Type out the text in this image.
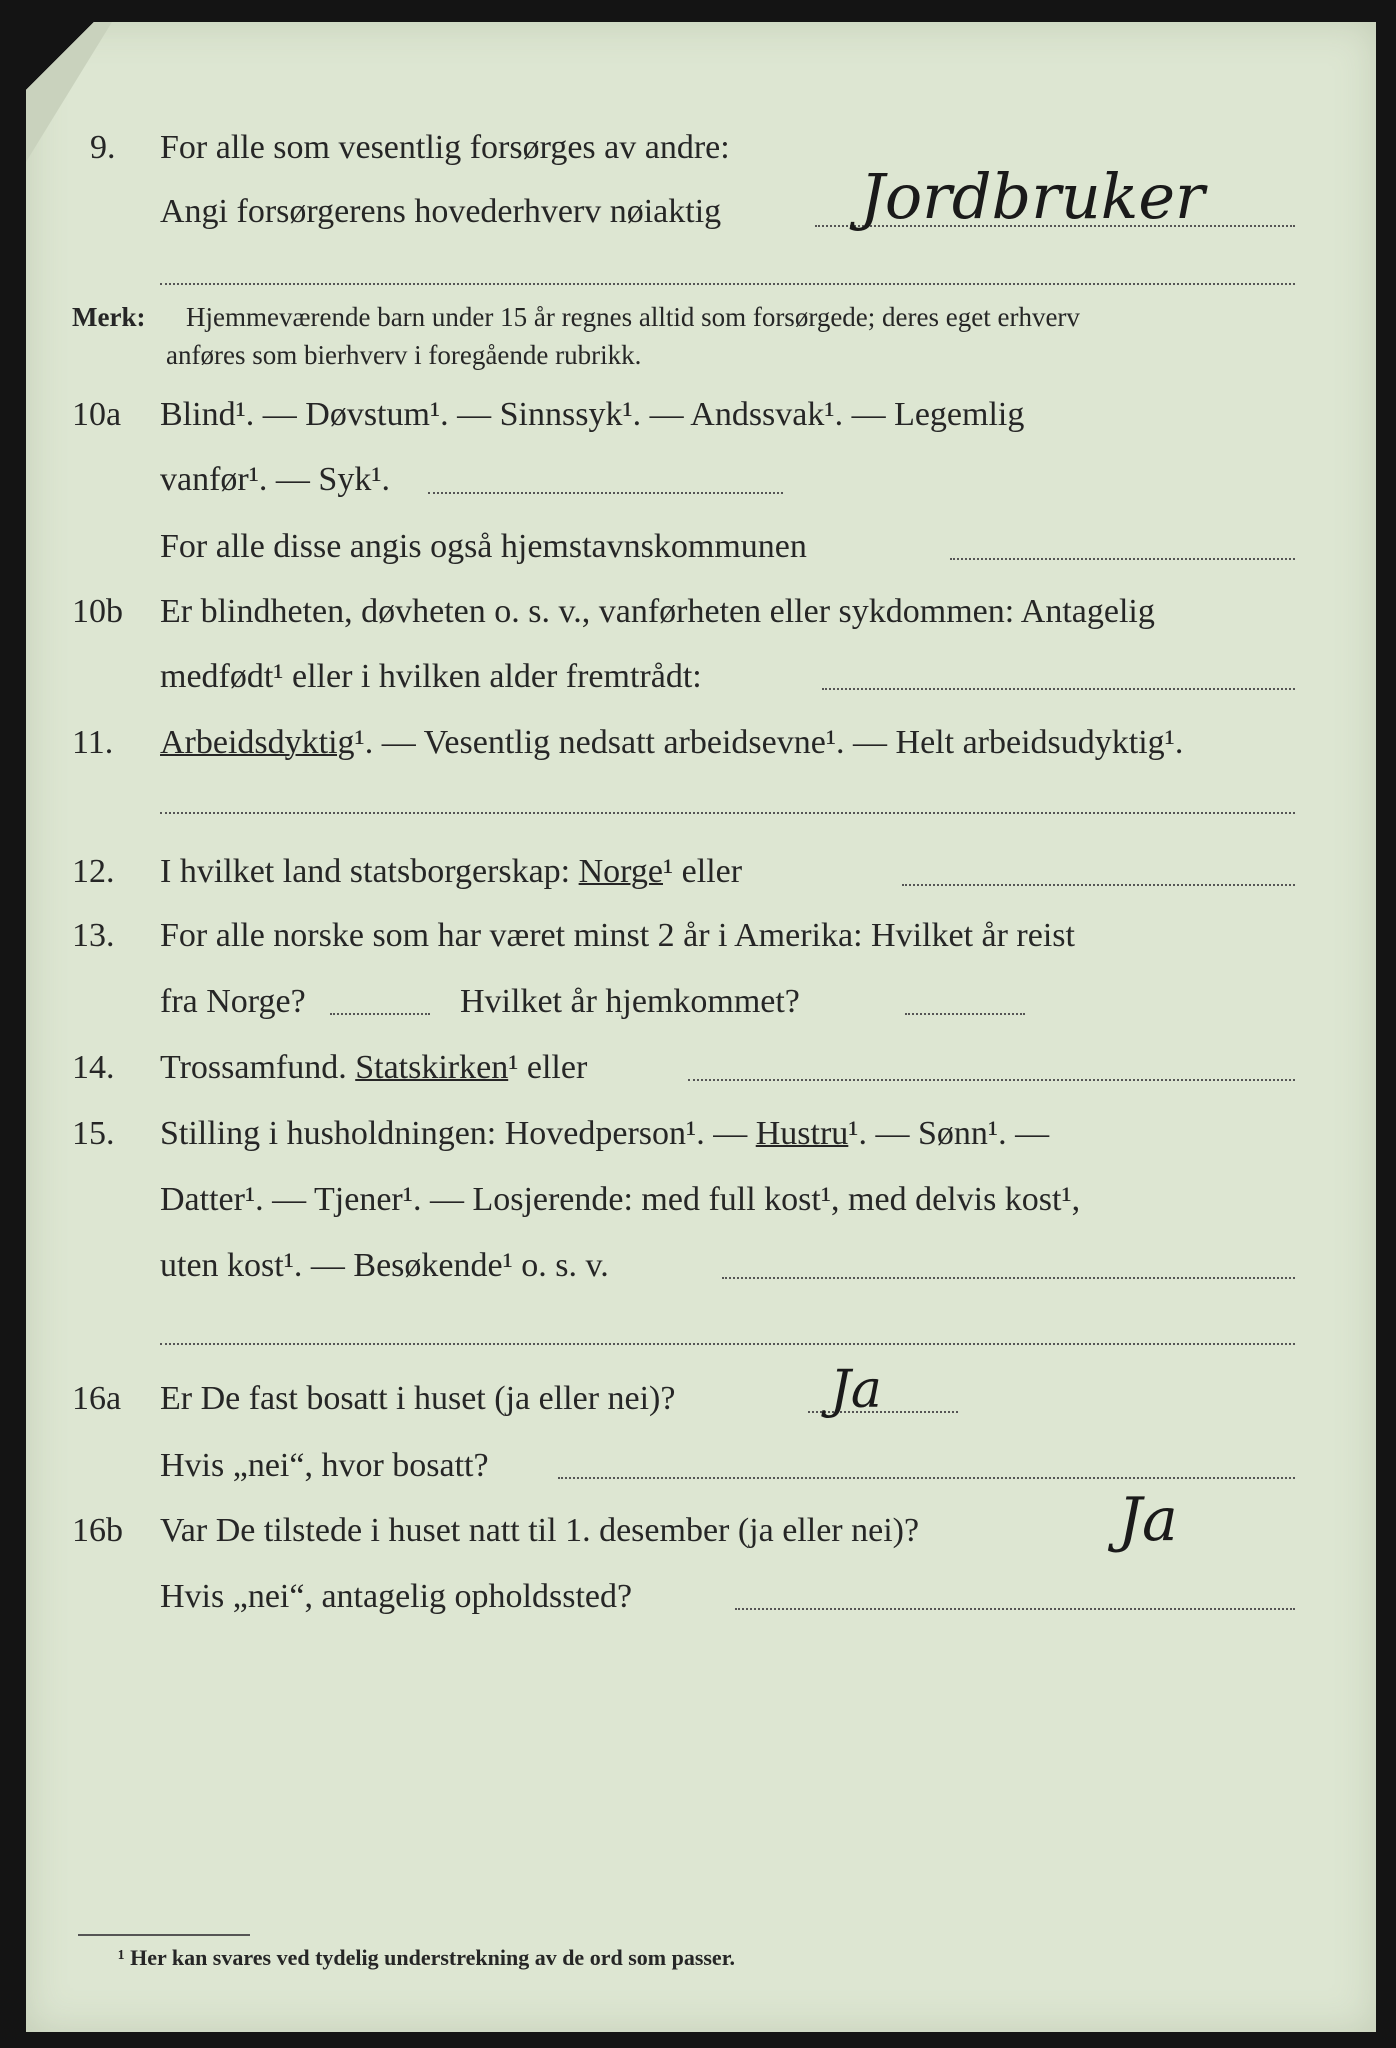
9. For alle som vesentlig forsørges av andre:
Angi forsørgerens hovederhverv nøiaktig Jordbruker
Merk: Hjemmeværende barn under 15 år regnes alltid som forsørgede; deres eget erhverv
anføres som bierhverv i foregående rubrikk.
10a Blind¹. — Døvstum¹. — Sinnssyk¹. — Andssvak¹. — Legemlig
vanfør¹. — Syk¹.
For alle disse angis også hjemstavnskommunen
10b Er blindheten, døvheten o. s. v., vanførheten eller sykdommen: Antagelig
medfødt¹ eller i hvilken alder fremtrådt:
11. Arbeidsdyktig¹. — Vesentlig nedsatt arbeidsevne¹. — Helt arbeidsudyktig¹.
12. I hvilket land statsborgerskap: Norge¹ eller
13. For alle norske som har været minst 2 år i Amerika: Hvilket år reist
fra Norge?	Hvilket år hjemkommet?
14. Trossamfund. Statskirken¹ eller
15. Stilling i husholdningen: Hovedperson¹. — Hustru¹. — Sønn¹. —
Datter¹. — Tjener¹. — Losjerende: med full kost¹, med delvis kost¹,
uten kost¹. — Besøkende¹ o. s. v.
16a Er De fast bosatt i huset (ja eller nei)?	Ja
Hvis „nei“, hvor bosatt?
16b Var De tilstede i huset natt til 1. desember (ja eller nei)?	Ja
Hvis „nei“, antagelig opholdssted?
¹ Her kan svares ved tydelig understrekning av de ord som passer.
